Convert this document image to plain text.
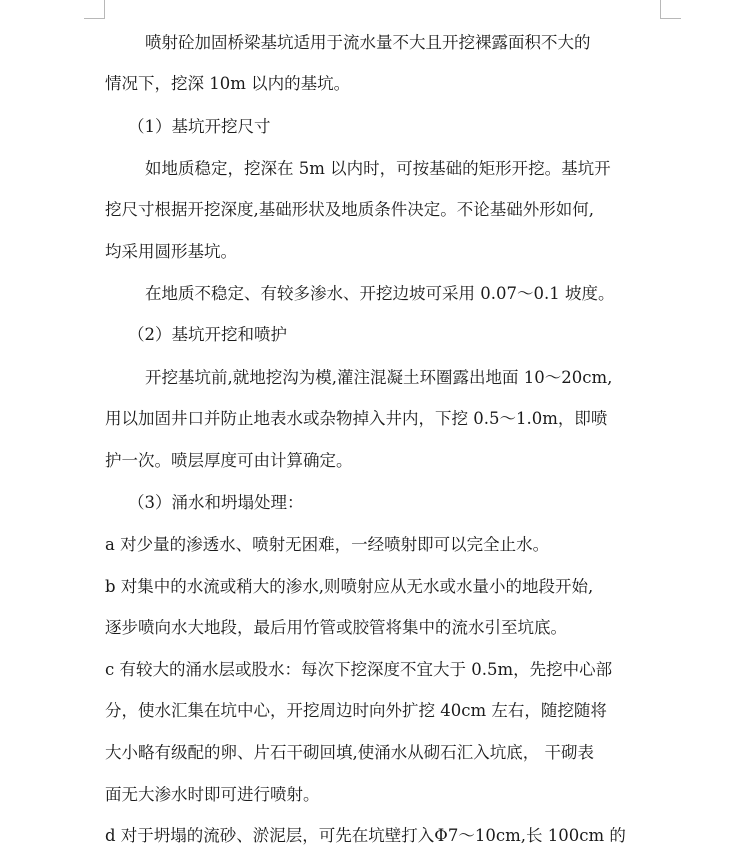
喷射砼加固桥梁基坑适用于流水量不大且开挖裸露面积不大的
情况下，挖深 10m 以内的基坑。
（1）基坑开挖尺寸
如地质稳定，挖深在 5m 以内时，可按基础的矩形开挖。基坑开
挖尺寸根据开挖深度,基础形状及地质条件决定。不论基础外形如何,
均采用圆形基坑。
在地质不稳定、有较多渗水、开挖边坡可采用 0.07～0.1 坡度。
（2）基坑开挖和喷护
开挖基坑前,就地挖沟为模,灌注混凝土环圈露出地面 10～20cm,
用以加固井口并防止地表水或杂物掉入井内，下挖 0.5～1.0m，即喷
护一次。喷层厚度可由计算确定。
（3）涌水和坍塌处理：
a 对少量的渗透水、喷射无困难，一经喷射即可以完全止水。
b 对集中的水流或稍大的渗水,则喷射应从无水或水量小的地段开始,
逐步喷向水大地段，最后用竹管或胶管将集中的流水引至坑底。
c 有较大的涌水层或股水：每次下挖深度不宜大于 0.5m，先挖中心部
分，使水汇集在坑中心，开挖周边时向外扩挖 40cm 左右，随挖随将
大小略有级配的卵、片石干砌回填,使涌水从砌石汇入坑底， 干砌表
面无大渗水时即可进行喷射。
d 对于坍塌的流砂、淤泥层，可先在坑壁打入Φ7～10cm,长 100cm 的
